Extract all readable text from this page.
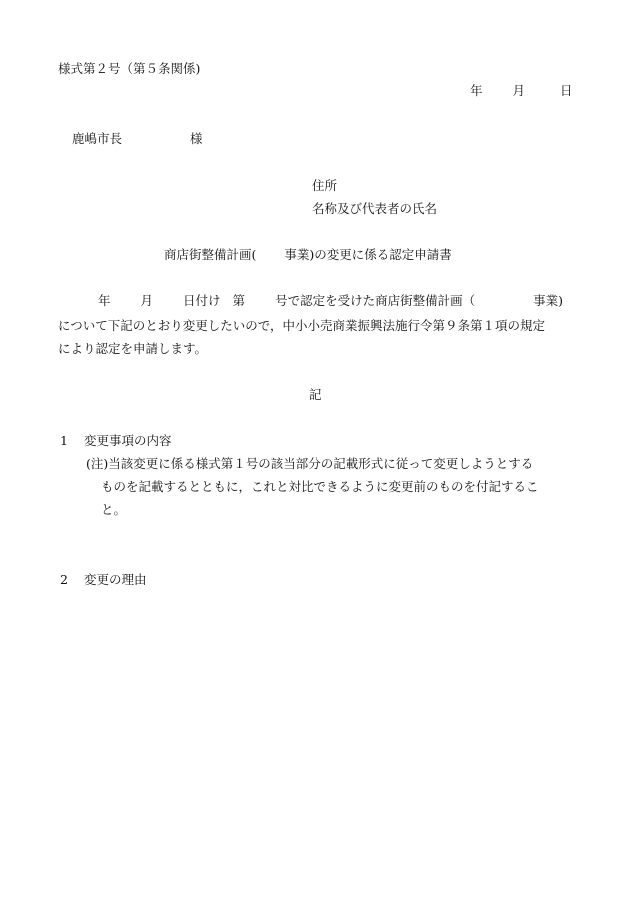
様式第２号（第５条関係)
年 月	日
鹿嶋市長	様
住所
名称及び代表者の氏名
商店街整備計画( 事業)の変更に係る認定申請書
年 月 日付け 第 号で認定を受けた商店街整備計画（	事業)
について下記のとおり変更したいので，中小小売商業振興法施行令第９条第１項の規定
により認定を申請します。
記
1 変更事項の内容
(注)当該変更に係る様式第１号の該当部分の記載形式に従って変更しようとする
ものを記載するとともに，これと対比できるように変更前のものを付記するこ
と。
2 変更の理由
